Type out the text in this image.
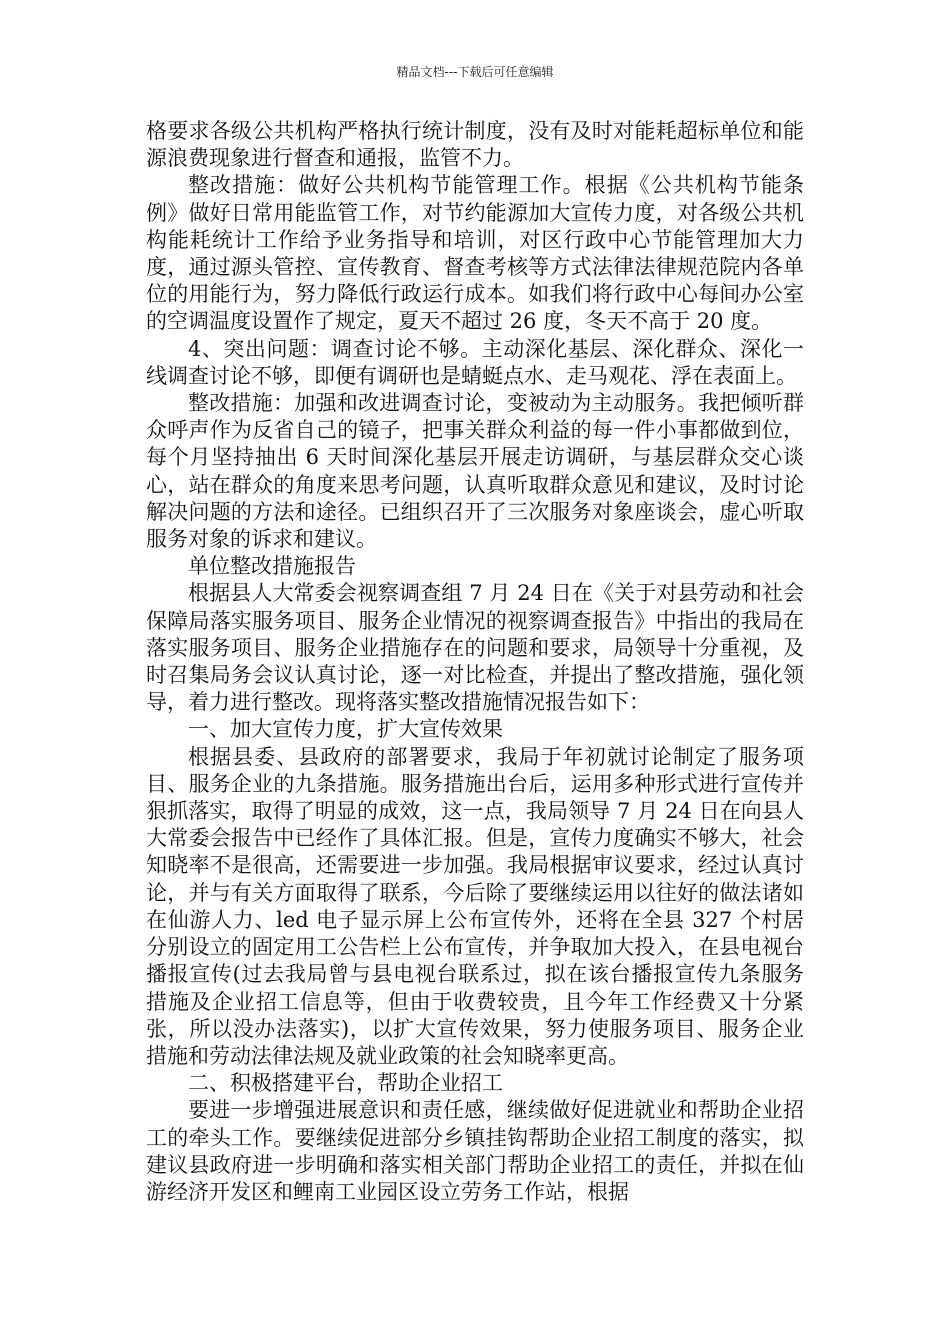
精品文档---下载后可任意编辑

格要求各级公共机构严格执行统计制度，没有及时对能耗超标单位和能源浪费现象进行督查和通报，监管不力。

整改措施：做好公共机构节能管理工作。根据《公共机构节能条例》做好日常用能监管工作，对节约能源加大宣传力度，对各级公共机构能耗统计工作给予业务指导和培训，对区行政中心节能管理加大力度，通过源头管控、宣传教育、督查考核等方式法律法律规范院内各单位的用能行为，努力降低行政运行成本。如我们将行政中心每间办公室的空调温度设置作了规定，夏天不超过 26 度，冬天不高于 20 度。

4、突出问题：调查讨论不够。主动深化基层、深化群众、深化一线调查讨论不够，即便有调研也是蜻蜓点水、走马观花、浮在表面上。

整改措施：加强和改进调查讨论，变被动为主动服务。我把倾听群众呼声作为反省自己的镜子，把事关群众利益的每一件小事都做到位，每个月坚持抽出 6 天时间深化基层开展走访调研，与基层群众交心谈心，站在群众的角度来思考问题，认真听取群众意见和建议，及时讨论解决问题的方法和途径。已组织召开了三次服务对象座谈会，虚心听取服务对象的诉求和建议。

单位整改措施报告

根据县人大常委会视察调查组 7 月 24 日在《关于对县劳动和社会保障局落实服务项目、服务企业情况的视察调查报告》中指出的我局在落实服务项目、服务企业措施存在的问题和要求，局领导十分重视，及时召集局务会议认真讨论，逐一对比检查，并提出了整改措施，强化领导，着力进行整改。现将落实整改措施情况报告如下：

一、加大宣传力度，扩大宣传效果

根据县委、县政府的部署要求，我局于年初就讨论制定了服务项目、服务企业的九条措施。服务措施出台后，运用多种形式进行宣传并狠抓落实，取得了明显的成效，这一点，我局领导 7 月 24 日在向县人大常委会报告中已经作了具体汇报。但是，宣传力度确实不够大，社会知晓率不是很高，还需要进一步加强。我局根据审议要求，经过认真讨论，并与有关方面取得了联系，今后除了要继续运用以往好的做法诸如在仙游人力、led 电子显示屏上公布宣传外，还将在全县 327 个村居分别设立的固定用工公告栏上公布宣传，并争取加大投入，在县电视台播报宣传(过去我局曾与县电视台联系过，拟在该台播报宣传九条服务措施及企业招工信息等，但由于收费较贵，且今年工作经费又十分紧张，所以没办法落实)，以扩大宣传效果，努力使服务项目、服务企业措施和劳动法律法规及就业政策的社会知晓率更高。

二、积极搭建平台，帮助企业招工

要进一步增强进展意识和责任感，继续做好促进就业和帮助企业招工的牵头工作。要继续促进部分乡镇挂钩帮助企业招工制度的落实，拟建议县政府进一步明确和落实相关部门帮助企业招工的责任，并拟在仙游经济开发区和鲤南工业园区设立劳务工作站，根据
